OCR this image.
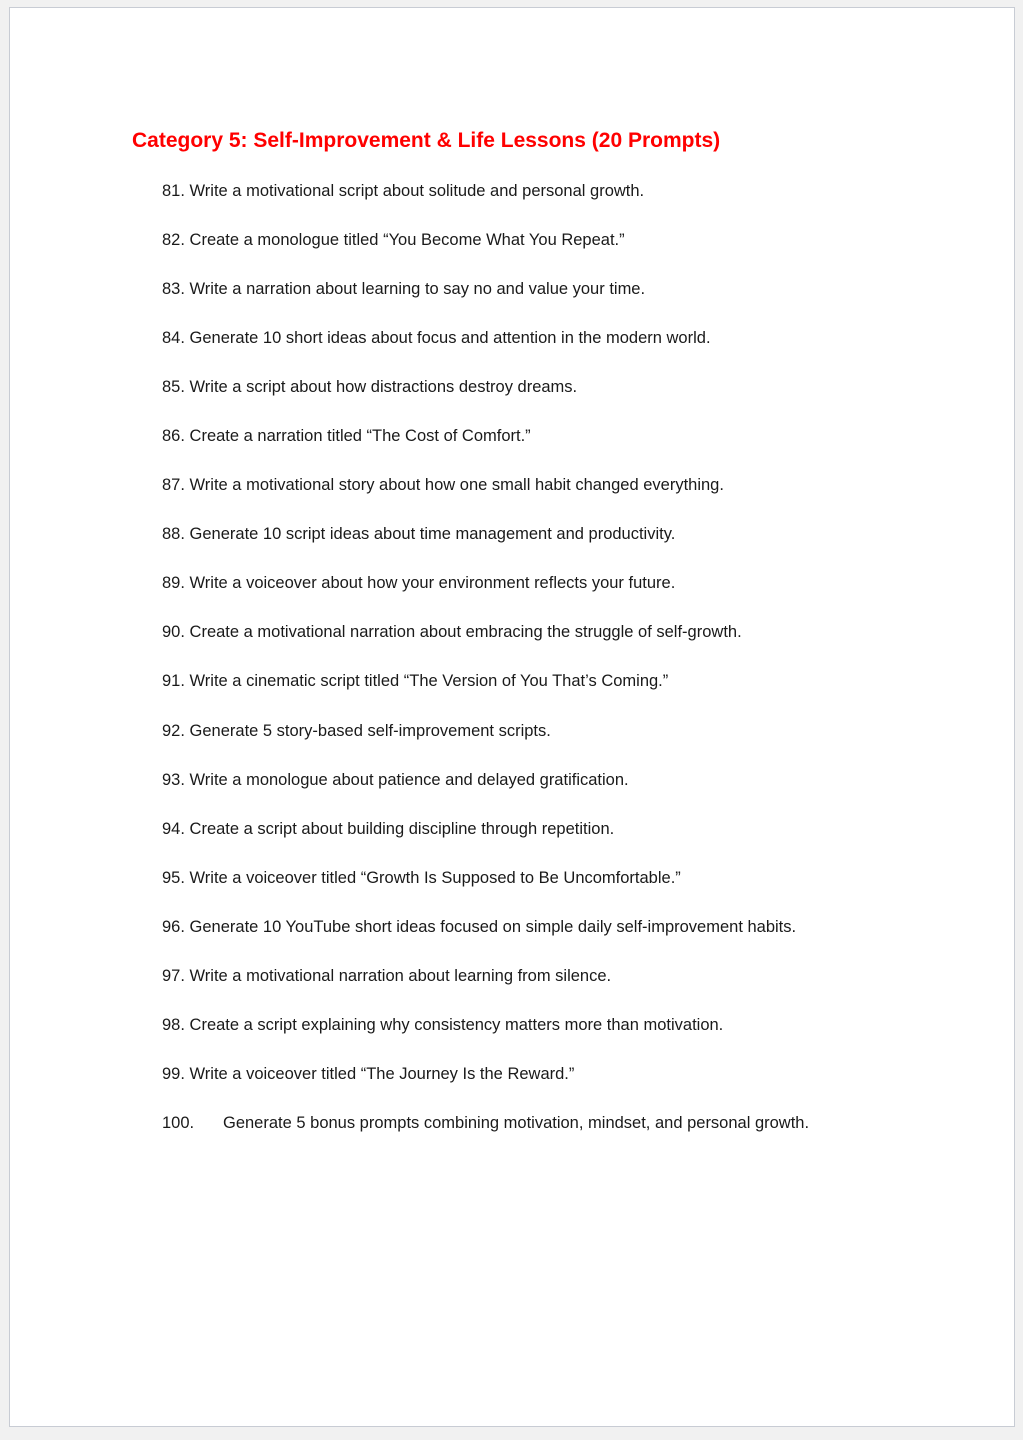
Category 5: Self-Improvement & Life Lessons (20 Prompts)
81. Write a motivational script about solitude and personal growth.
82. Create a monologue titled “You Become What You Repeat.”
83. Write a narration about learning to say no and value your time.
84. Generate 10 short ideas about focus and attention in the modern world.
85. Write a script about how distractions destroy dreams.
86. Create a narration titled “The Cost of Comfort.”
87. Write a motivational story about how one small habit changed everything.
88. Generate 10 script ideas about time management and productivity.
89. Write a voiceover about how your environment reflects your future.
90. Create a motivational narration about embracing the struggle of self-growth.
91. Write a cinematic script titled “The Version of You That’s Coming.”
92. Generate 5 story-based self-improvement scripts.
93. Write a monologue about patience and delayed gratification.
94. Create a script about building discipline through repetition.
95. Write a voiceover titled “Growth Is Supposed to Be Uncomfortable.”
96. Generate 10 YouTube short ideas focused on simple daily self-improvement habits.
97. Write a motivational narration about learning from silence.
98. Create a script explaining why consistency matters more than motivation.
99. Write a voiceover titled “The Journey Is the Reward.”
100. Generate 5 bonus prompts combining motivation, mindset, and personal growth.
